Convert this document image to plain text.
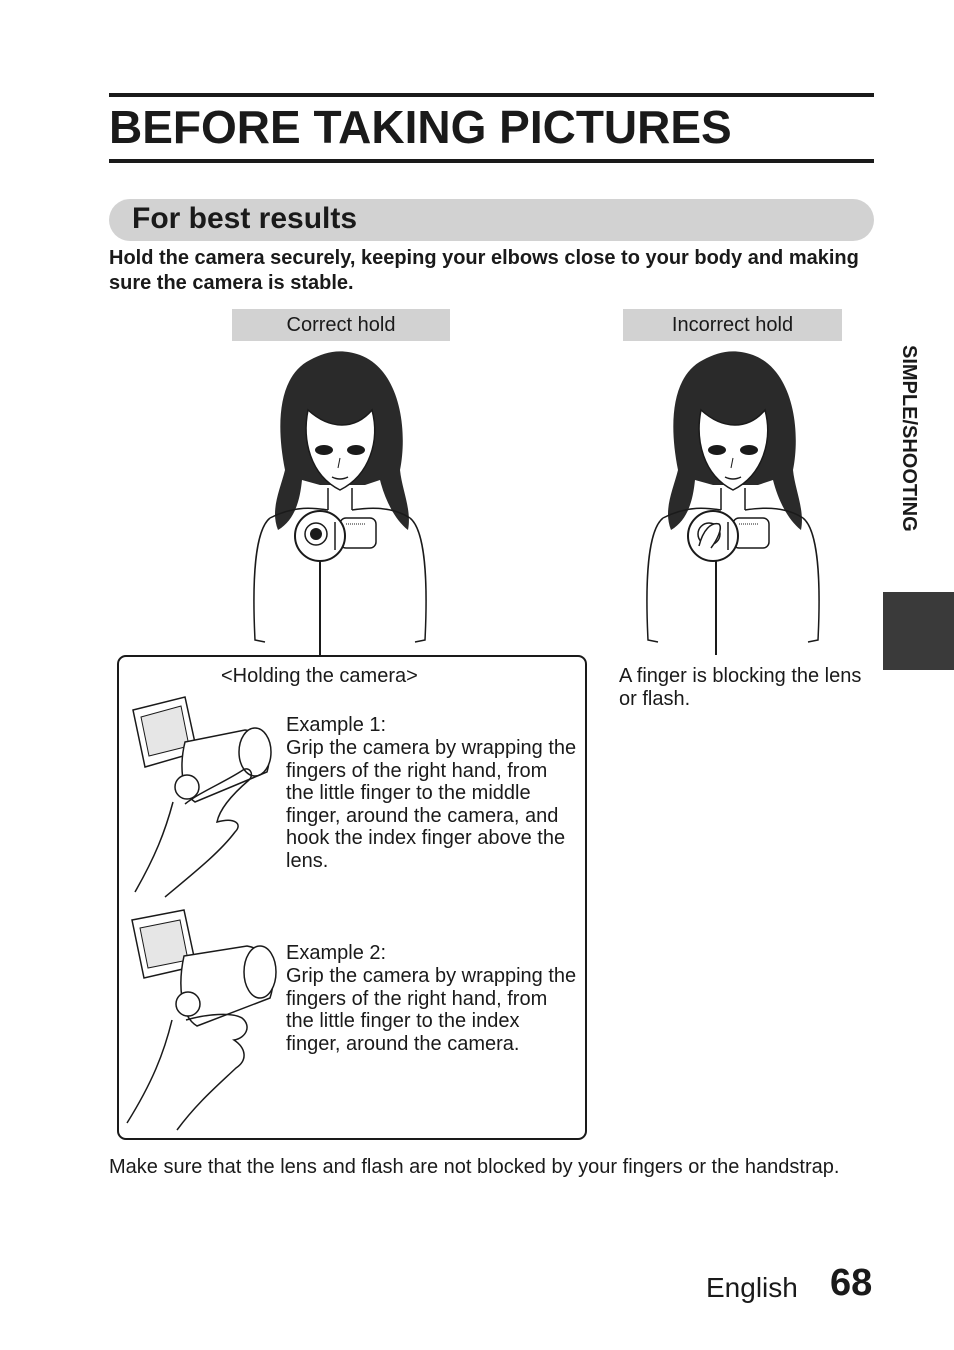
BEFORE TAKING PICTURES
For best results
Hold the camera securely, keeping your elbows close to your body and making sure the camera is stable.
Correct hold	Incorrect hold
A finger is blocking the lens or flash.
<Holding the camera>
Example 1:
Grip the camera by wrapping the fingers of the right hand, from the little finger to the middle finger, around the camera, and hook the index finger above the lens.
Example 2:
Grip the camera by wrapping the fingers of the right hand, from the little finger to the index finger, around the camera.
Make sure that the lens and flash are not blocked by your fingers or the handstrap.
SIMPLE/SHOOTING
English 68
